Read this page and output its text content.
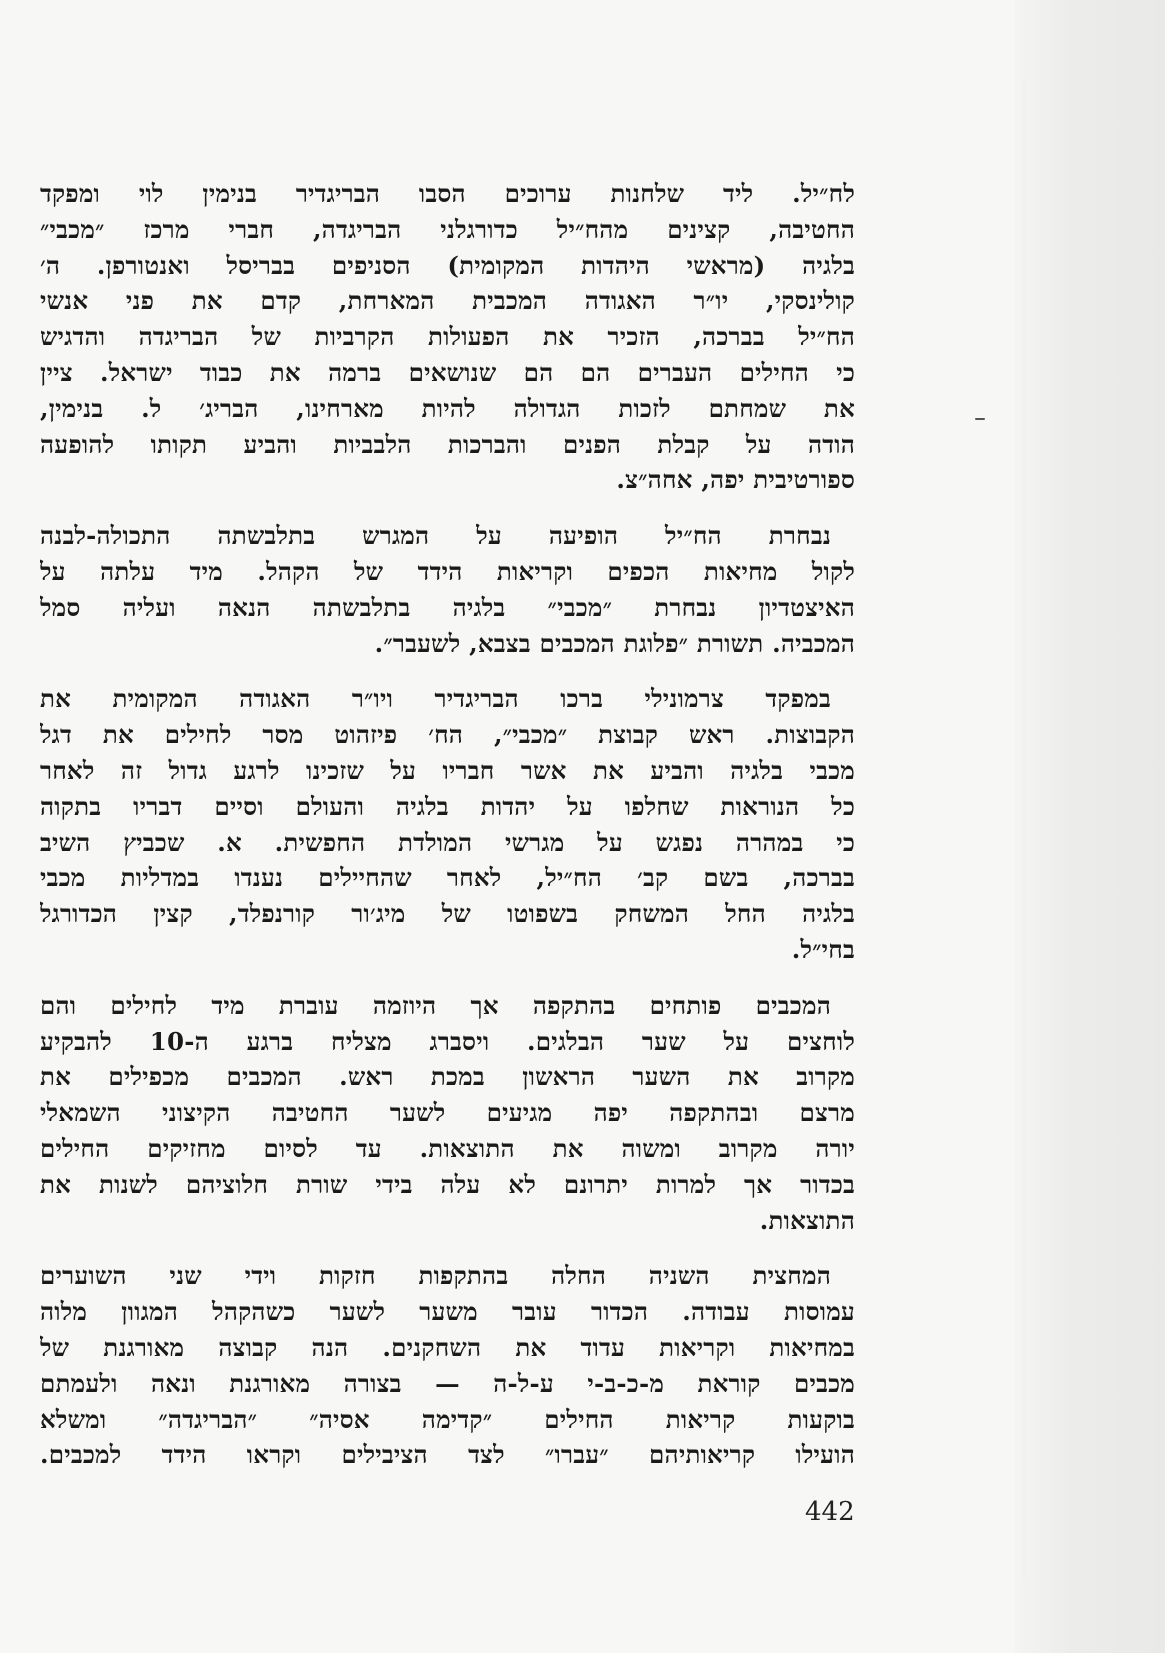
לח״יל. ליד שלחנות ערוכים הסבו הבריגדיר בנימין לוי ומפקד
החטיבה, קצינים מהח״יל כדורגלני הבריגדה, חברי מרכז ״מכבי״
בלגיה (מראשי היהדות המקומית) הסניפים בבריסל ואנטורפן. ה׳
קולינסקי, יו״ר האגודה המכבית המארחת, קדם את פני אנשי
הח״יל בברכה, הזכיר את הפעולות הקרביות של הבריגדה והדגיש
כי החילים העברים הם הם שנושאים ברמה את כבוד ישראל. ציין
את שמחתם לזכות הגדולה להיות מארחינו, הבריג׳ ל. בנימין,
הודה על קבלת הפנים והברכות הלבביות והביע תקותו להופעה
ספורטיבית יפה, אחה״צ.

נבחרת הח״יל הופיעה על המגרש בתלבשתה התכולה-לבנה
לקול מחיאות הכפים וקריאות הידד של הקהל. מיד עלתה על
האיצטדיון נבחרת ״מכבי״ בלגיה בתלבשתה הנאה ועליה סמל
המכביה. תשורת ״פלוגת המכבים בצבא, לשעבר״.

במפקד צרמונילי ברכו הבריגדיר ויו״ר האגודה המקומית את
הקבוצות. ראש קבוצת ״מכבי״, הח׳ פיזהוט מסר לחילים את דגל
מכבי בלגיה והביע את אשר חבריו על שזכינו לרגע גדול זה לאחר
כל הנוראות שחלפו על יהדות בלגיה והעולם וסיים דבריו בתקוה
כי במהרה נפגש על מגרשי המולדת החפשית. א. שכביץ השיב
בברכה, בשם קב׳ הח״יל, לאחר שהחיילים נענדו במדליות מכבי
בלגיה החל המשחק בשפוטו של מיג׳ור קורנפלד, קצין הכדורגל
בחי״ל.

המכבים פותחים בהתקפה אך היוזמה עוברת מיד לחילים והם
לוחצים על שער הבלגים. ויסברג מצליח ברגע ה-10 להבקיע
מקרוב את השער הראשון במכת ראש. המכבים מכפילים את
מרצם ובהתקפה יפה מגיעים לשער החטיבה הקיצוני השמאלי
יורה מקרוב ומשוה את התוצאות. עד לסיום מחזיקים החילים
בכדור אך למרות יתרונם לא עלה בידי שורת חלוציהם לשנות את
התוצאות.

המחצית השניה החלה בהתקפות חזקות וידי שני השוערים
עמוסות עבודה. הכדור עובר משער לשער כשהקהל המגוון מלוה
במחיאות וקריאות עדוד את השחקנים. הנה קבוצה מאורגנת של
מכבים קוראת מ-כ-ב-י ע-ל-ה — בצורה מאורגנת ונאה ולעמתם
בוקעות קריאות החילים ״קדימה אסיה״ ״הבריגדה״ ומשלא
הועילו קריאותיהם ״עברו״ לצד הציבילים וקראו הידד למכבים.

442
